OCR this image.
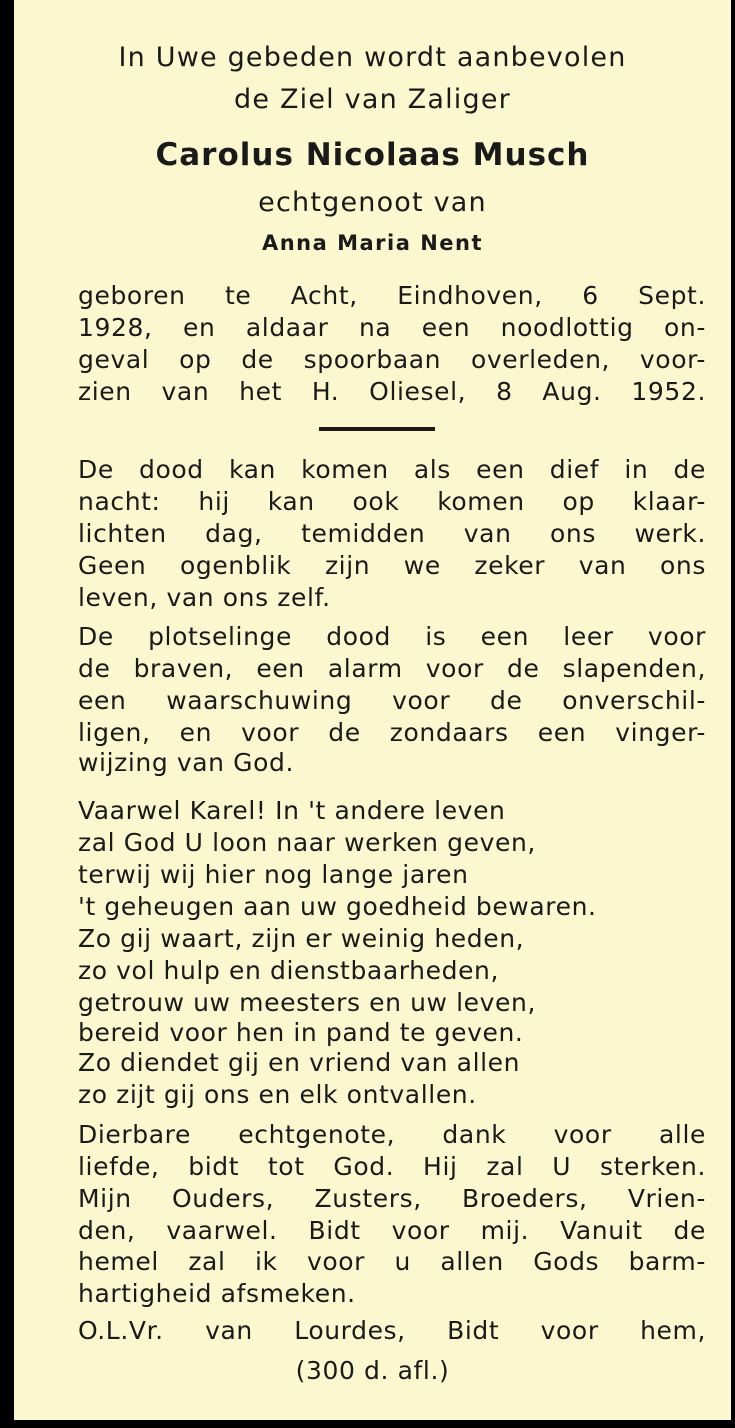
In Uwe gebeden wordt aanbevolen

de Ziel van Zaliger

Carolus Nicolaas Musch

echtgenoot van

Anna Maria Nent

geboren te Acht, Eindhoven, 6 Sept.

1928, en aldaar na een noodlottig on-

geval op de spoorbaan overleden, voor-

zien van het H. Oliesel, 8 Aug. 1952.

De dood kan komen als een dief in de

nacht: hij kan ook komen op klaar-

lichten dag, temidden van ons werk.

Geen ogenblik zijn we zeker van ons

leven, van ons zelf.

De plotselinge dood is een leer voor

de braven, een alarm voor de slapenden,

een waarschuwing voor de onverschil-

ligen, en voor de zondaars een vinger-

wijzing van God.

Vaarwel Karel! In 't andere leven

zal God U loon naar werken geven,

terwij wij hier nog lange jaren

't geheugen aan uw goedheid bewaren.

Zo gij waart, zijn er weinig heden,

zo vol hulp en dienstbaarheden,

getrouw uw meesters en uw leven,

bereid voor hen in pand te geven.

Zo diendet gij en vriend van allen

zo zijt gij ons en elk ontvallen.

Dierbare echtgenote, dank voor alle

liefde, bidt tot God. Hij zal U sterken.

Mijn Ouders, Zusters, Broeders, Vrien-

den, vaarwel. Bidt voor mij. Vanuit de

hemel zal ik voor u allen Gods barm-

hartigheid afsmeken.

O.L.Vr. van Lourdes, Bidt voor hem,

(300 d. afl.)
